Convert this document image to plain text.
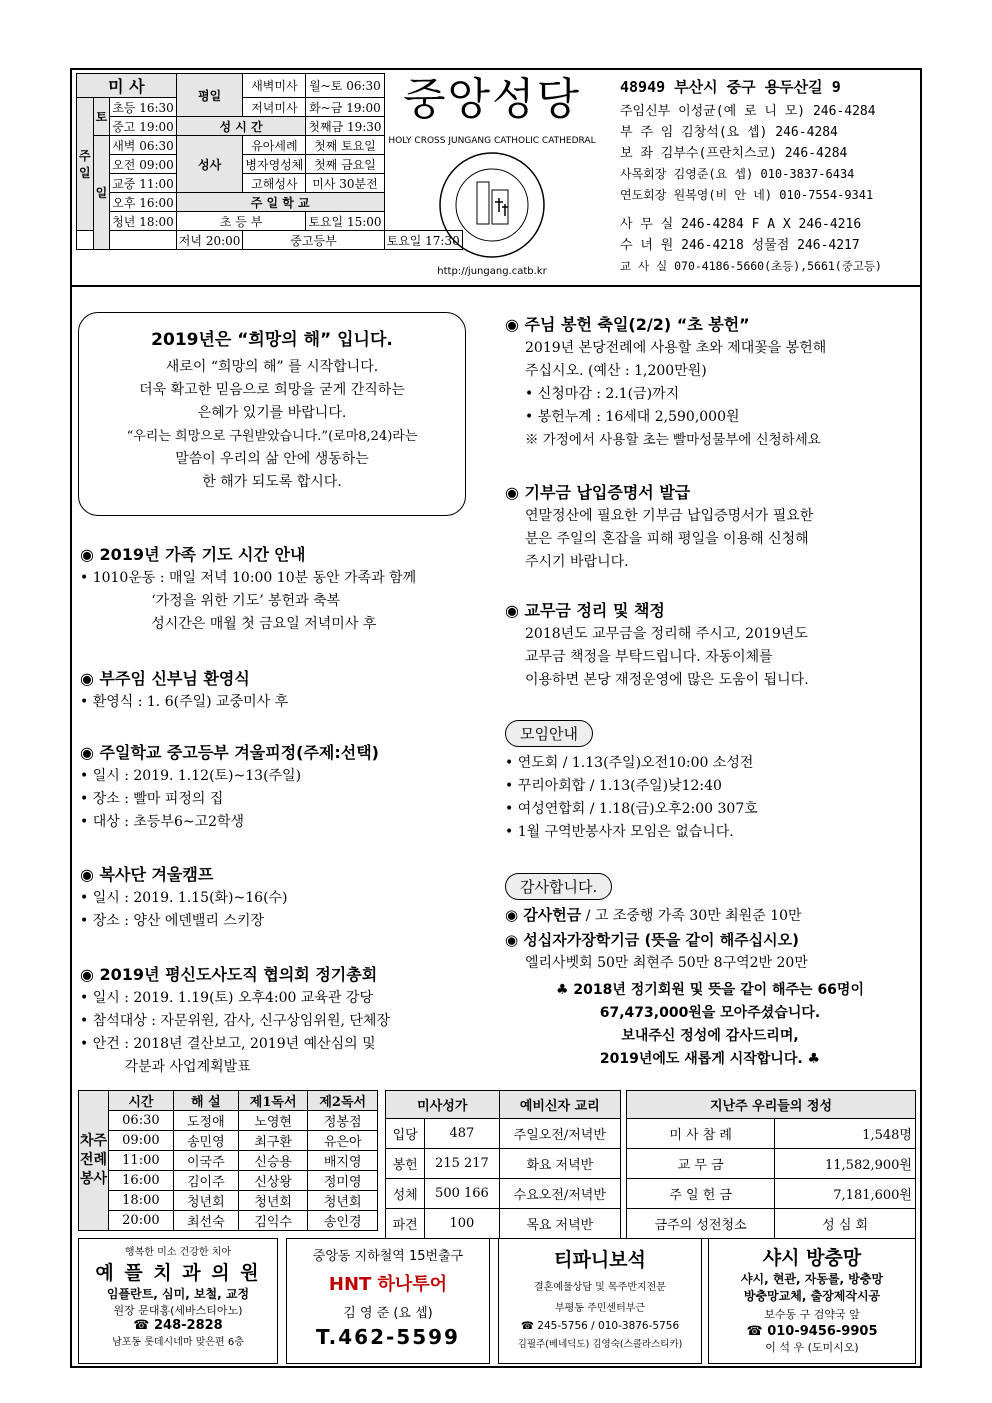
미 사			평일	새벽미사	월~토 06:30	
주일	토	초등 16:30		저녁미사	화~금 19:00	
		중고 19:00	성 시 간		첫째금 19:30	
	일	새벽 06:30	성사	유아세례	첫째 토요일	
		오전 09:00		병자영성체	첫째 금요일	
		교중 11:00		고해성사	미사 30분전	
		오후 16:00	주 일 학 교			
		청년 18:00	초 등 부		토요일 15:00	
			저녁 20:00	중고등부		토요일 17:30
중앙성당
HOLY CROSS JUNGANG CATHOLIC CATHEDRAL
http://jungang.catb.kr
48949 부산시 중구 용두산길 9
주임신부 이성균(예 로 니 모) 246-4284
부 주 임 김창석(요 셉) 246-4284
보 좌 김부수(프란치스코) 246-4284
사목회장 김영준(요 셉) 010-3837-6434
연도회장 원복영(비 안 네) 010-7554-9341
사 무 실 246-4284 F A X 246-4216
수 녀 원 246-4218 성물점 246-4217
교 사 실 070-4186-5660(초등),5661(중고등)
2019년은 “희망의 해” 입니다.
새로이 “희망의 해” 를 시작합니다.
더욱 확고한 믿음으로 희망을 굳게 간직하는
은혜가 있기를 바랍니다.
“우리는 희망으로 구원받았습니다.”(로마8,24)라는
말씀이 우리의 삶 안에 생동하는
한 해가 되도록 합시다.
◉ 2019년 가족 기도 시간 안내
• 1010운동 : 매일 저녁 10:00 10분 동안 가족과 함께
‘가정을 위한 기도’ 봉헌과 축복
성시간은 매월 첫 금요일 저녁미사 후
◉ 부주임 신부님 환영식
• 환영식 : 1. 6(주일) 교중미사 후
◉ 주일학교 중고등부 겨울피정(주제:선택)
• 일시 : 2019. 1.12(토)~13(주일)
• 장소 : 빨마 피정의 집
• 대상 : 초등부6~고2학생
◉ 복사단 겨울캠프
• 일시 : 2019. 1.15(화)~16(수)
• 장소 : 양산 에덴밸리 스키장
◉ 2019년 평신도사도직 협의회 정기총회
• 일시 : 2019. 1.19(토) 오후4:00 교육관 강당
• 참석대상 : 자문위원, 감사, 신구상임위원, 단체장
• 안건 : 2018년 결산보고, 2019년 예산심의 및
각분과 사업계획발표
◉ 주님 봉헌 축일(2/2) “초 봉헌”
2019년 본당전례에 사용할 초와 제대꽃을 봉헌해
주십시오. (예산 : 1,200만원)
• 신청마감 : 2.1(금)까지
• 봉헌누계 : 16세대 2,590,000원
※ 가정에서 사용할 초는 빨마성물부에 신청하세요
◉ 기부금 납입증명서 발급
연말정산에 필요한 기부금 납입증명서가 필요한
분은 주일의 혼잡을 피해 평일을 이용해 신청해
주시기 바랍니다.
◉ 교무금 정리 및 책정
2018년도 교무금을 정리해 주시고, 2019년도
교무금 책정을 부탁드립니다. 자동이체를
이용하면 본당 재정운영에 많은 도움이 됩니다.
모임안내
• 연도회 / 1.13(주일)오전10:00 소성전
• 꾸리아회합 / 1.13(주일)낮12:40
• 여성연합회 / 1.18(금)오후2:00 307호
• 1월 구역반봉사자 모임은 없습니다.
감사합니다.
◉ 감사헌금 / 고 조중행 가족 30만 최원준 10만
◉ 성십자가장학기금 (뜻을 같이 해주십시오)
엘리사벳회 50만 최현주 50만 8구역2반 20만
♣ 2018년 정기회원 및 뜻을 같이 해주는 66명이
67,473,000원을 모아주셨습니다.
보내주신 정성에 감사드리며,
2019년에도 새롭게 시작합니다. ♣
차주전례봉사	시간	해 설	제1독서	제2독서
	06:30	도정애	노영현	정봉점
	09:00	송민영	최구환	유은아
	11:00	이국주	신승용	배지영
	16:00	김이주	신상왕	정미영
	18:00	청년회	청년회	청년회
	20:00	최선숙	김익수	송인경
미사성가		예비신자 교리
입당	487	주일오전/저녁반
봉헌	215 217	화요 저녁반
성체	500 166	수요오전/저녁반
파견	100	목요 저녁반
지난주 우리들의 정성	
미 사 참 례	1,548명
교 무 금	11,582,900원
주 일 헌 금	7,181,600원
금주의 성전청소	성 심 회
행복한 미소 건강한 치아
예 플 치 과 의 원
임플란트, 심미, 보철, 교정
원장 문대홍(세바스티아노)
☎ 248-2828
남포동 롯데시네마 맞은편 6층
중앙동 지하철역 15번출구
HNT 하나투어
김 영 준 (요 셉)
T.462-5599
티파니보석
결혼예물상담 및 목주반지전문
부평동 주민센터부근
☎ 245-5756 / 010-3876-5756
김필주(베네딕도) 김영숙(스콜라스티카)
샤시 방충망
샤시, 현관, 자동롤, 방충망
방충망교체, 출장제작시공
보수동 구 검약국 앞
☎ 010-9456-9905
이 석 우 (도미시오)
